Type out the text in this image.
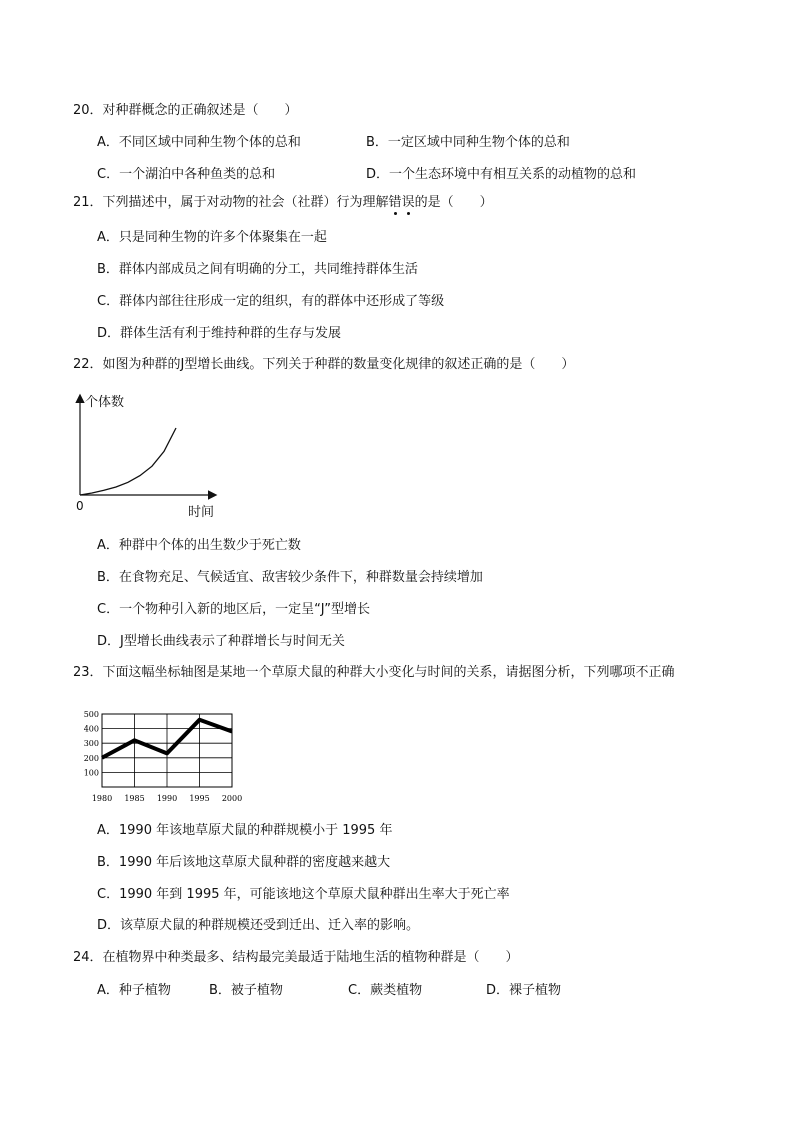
20．对种群概念的正确叙述是（　　）
A．不同区域中同种生物个体的总和	B．一定区域中同种生物个体的总和
C．一个湖泊中各种鱼类的总和	D．一个生态环境中有相互关系的动植物的总和
21．下列描述中，属于对动物的社会（社群）行为理解错误的是（　　）
A．只是同种生物的许多个体聚集在一起
B．群体内部成员之间有明确的分工，共同维持群体生活
C．群体内部往往形成一定的组织，有的群体中还形成了等级
D．群体生活有利于维持种群的生存与发展
22．如图为种群的J型增长曲线。下列关于种群的数量变化规律的叙述正确的是（　　）
个体数
0	时间
A．种群中个体的出生数少于死亡数
B．在食物充足、气候适宜、敌害较少条件下，种群数量会持续增加
C．一个物种引入新的地区后，一定呈“J”型增长
D．J型增长曲线表示了种群增长与时间无关
23．下面这幅坐标轴图是某地一个草原犬鼠的种群大小变化与时间的关系，请据图分析，下列哪项不正确
100
200
300
400
500
1980 1985 1990 1995 2000
A．1990 年该地草原犬鼠的种群规模小于 1995 年
B．1990 年后该地这草原犬鼠种群的密度越来越大
C．1990 年到 1995 年，可能该地这个草原犬鼠种群出生率大于死亡率
D．该草原犬鼠的种群规模还受到迁出、迁入率的影响。
24．在植物界中种类最多、结构最完美最适于陆地生活的植物种群是（　　）
A．种子植物	B．被子植物	C．蕨类植物	D．裸子植物
